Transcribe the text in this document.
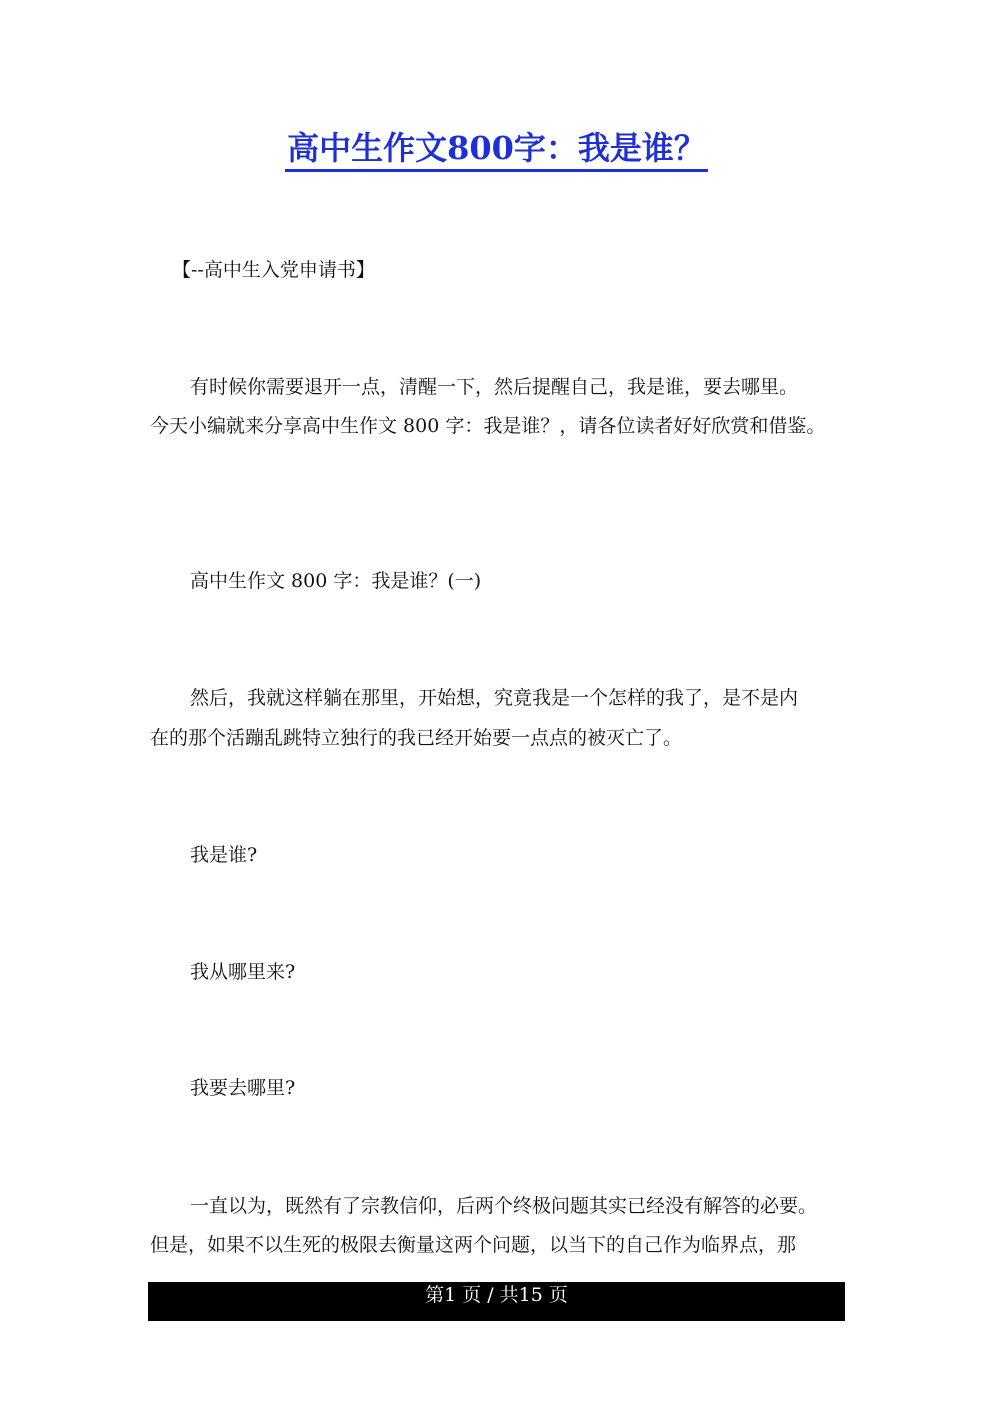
高中生作文800字：我是谁？

【--高中生入党申请书】

有时候你需要退开一点，清醒一下，然后提醒自己，我是谁，要去哪里。

今天小编就来分享高中生作文 800 字：我是谁？，请各位读者好好欣赏和借鉴。

高中生作文 800 字：我是谁？(一)

然后，我就这样躺在那里，开始想，究竟我是一个怎样的我了，是不是内

在的那个活蹦乱跳特立独行的我已经开始要一点点的被灭亡了。

我是谁?

我从哪里来?

我要去哪里?

一直以为，既然有了宗教信仰，后两个终极问题其实已经没有解答的必要。

但是，如果不以生死的极限去衡量这两个问题，以当下的自己作为临界点，那

第1 页 / 共15 页
